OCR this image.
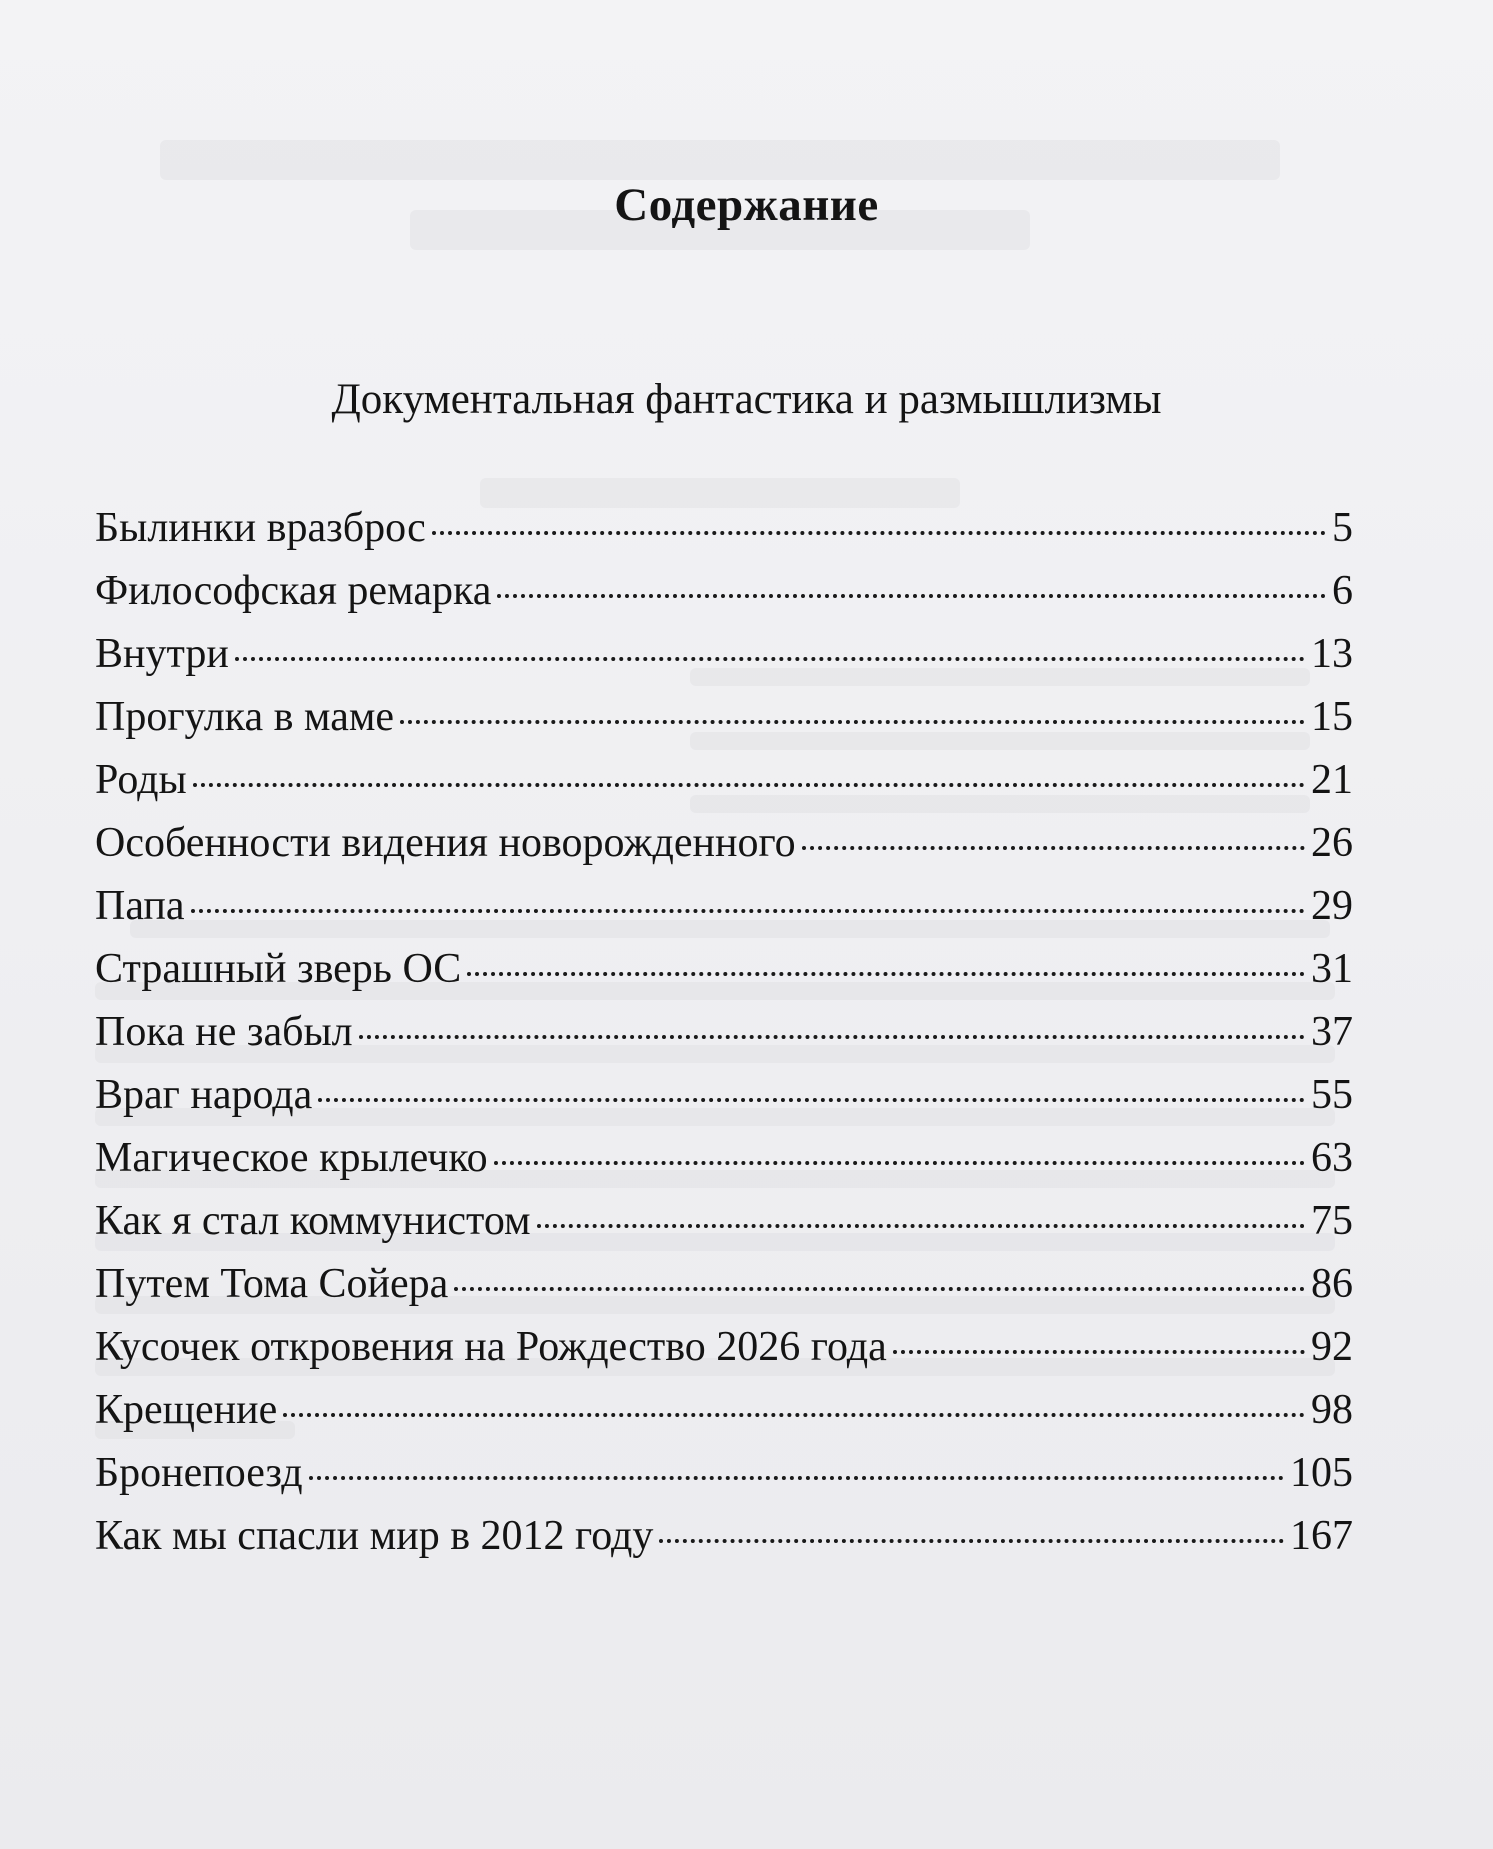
Содержание
Документальная фантастика и размышлизмы
Былинки вразброс	5
Философская ремарка	6
Внутри	13
Прогулка в маме	15
Роды	21
Особенности видения новорожденного	26
Папа	29
Страшный зверь ОС	31
Пока не забыл	37
Враг народа	55
Магическое крылечко	63
Как я стал коммунистом	75
Путем Тома Сойера	86
Кусочек откровения на Рождество 2026 года	92
Крещение	98
Бронепоезд	105
Как мы спасли мир в 2012 году	167
